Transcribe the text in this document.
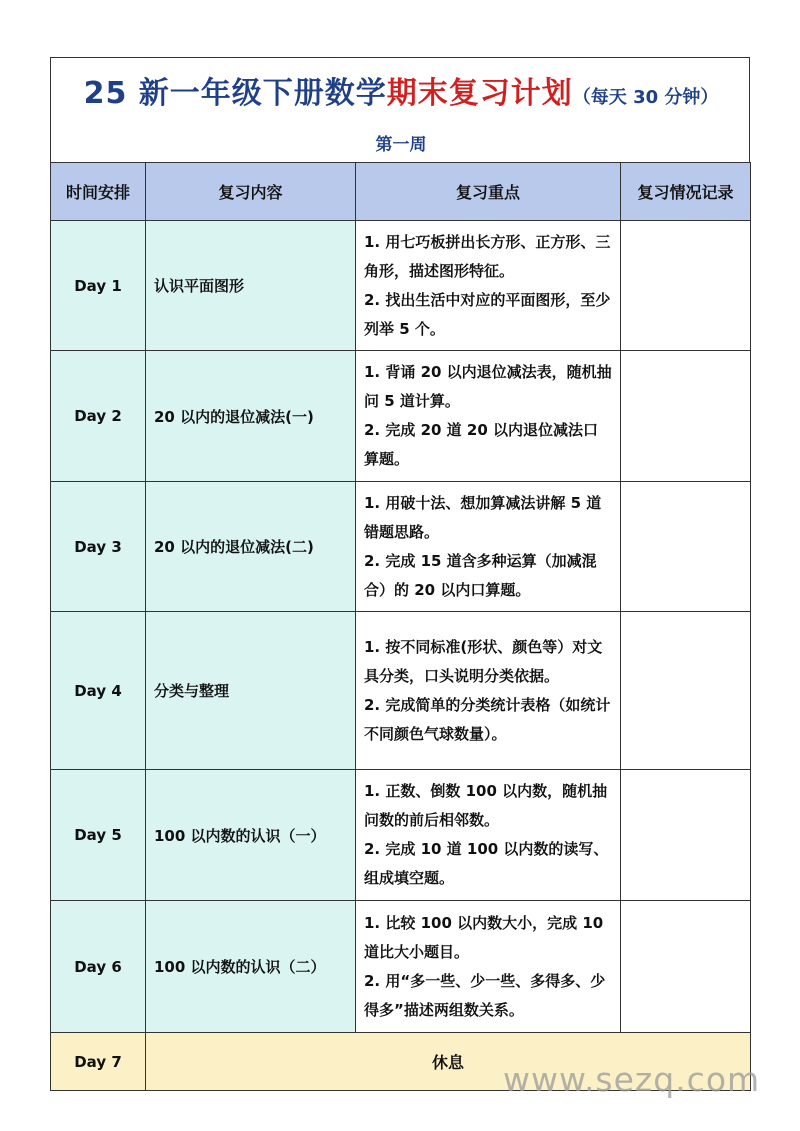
25 新一年级下册数学期末复习计划（每天 30 分钟）
第一周
时间安排	复习内容	复习重点	复习情况记录
Day 1	认识平面图形	1. 用七巧板拼出长方形、正方形、三角形，描述图形特征。
2. 找出生活中对应的平面图形，至少列举 5 个。	

Day 2	20 以内的退位减法(一)	1. 背诵 20 以内退位减法表，随机抽问 5 道计算。
2. 完成 20 道 20 以内退位减法口算题。	

Day 3	20 以内的退位减法(二)	1. 用破十法、想加算减法讲解 5 道错题思路。
2. 完成 15 道含多种运算（加减混合）的 20 以内口算题。	

Day 4	分类与整理	1. 按不同标准(形状、颜色等）对文具分类，口头说明分类依据。
2. 完成简单的分类统计表格（如统计不同颜色气球数量）。	

Day 5	100 以内数的认识（一）	1. 正数、倒数 100 以内数，随机抽问数的前后相邻数。
2. 完成 10 道 100 以内数的读写、组成填空题。	

Day 6	100 以内数的认识（二）	1. 比较 100 以内数大小，完成 10 道比大小题目。
2. 用“多一些、少一些、多得多、少得多”描述两组数关系。	

Day 7	休息		www.sezq.com
